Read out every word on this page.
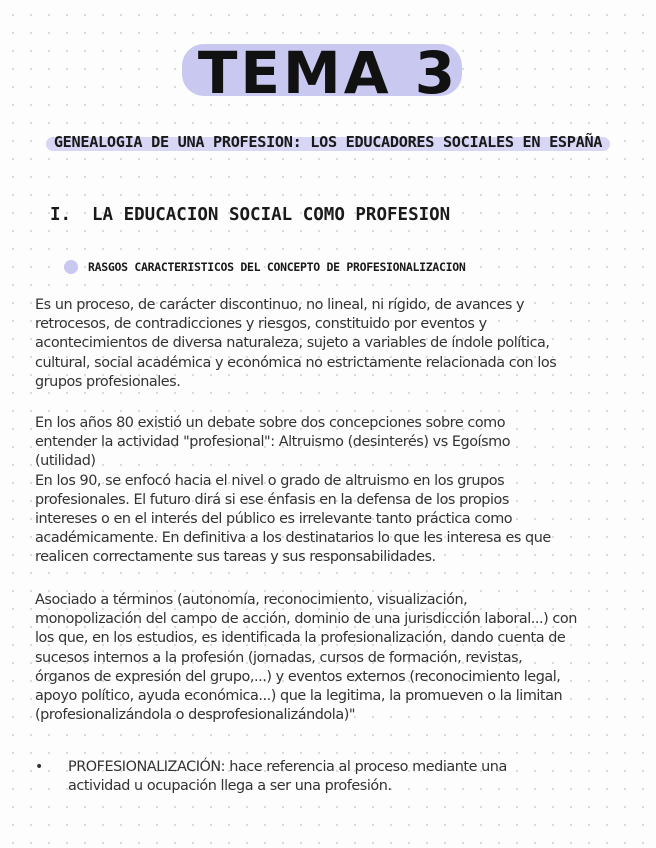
TEMA 3
GENEALOGIA DE UNA PROFESION: LOS EDUCADORES SOCIALES EN ESPAÑA
I. LA EDUCACION SOCIAL COMO PROFESION
RASGOS CARACTERISTICOS DEL CONCEPTO DE PROFESIONALIZACION
Es un proceso, de carácter discontinuo, no lineal, ni rígido, de avances y
retrocesos, de contradicciones y riesgos, constituido por eventos y
acontecimientos de diversa naturaleza, sujeto a variables de índole política,
cultural, social académica y económica no estrictamente relacionada con los
grupos profesionales.
En los años 80 existió un debate sobre dos concepciones sobre como
entender la actividad "profesional": Altruismo (desinterés) vs Egoísmo
(utilidad)
En los 90, se enfocó hacia el nivel o grado de altruismo en los grupos
profesionales. El futuro dirá si ese énfasis en la defensa de los propios
intereses o en el interés del público es irrelevante tanto práctica como
académicamente. En definitiva a los destinatarios lo que les interesa es que
realicen correctamente sus tareas y sus responsabilidades.
Asociado a términos (autonomía, reconocimiento, visualización,
monopolización del campo de acción, dominio de una jurisdicción laboral...) con
los que, en los estudios, es identificada la profesionalización, dando cuenta de
sucesos internos a la profesión (jornadas, cursos de formación, revistas,
órganos de expresión del grupo,...) y eventos externos (reconocimiento legal,
apoyo político, ayuda económica...) que la legitima, la promueven o la limitan
(profesionalizándola o desprofesionalizándola)"
• PROFESIONALIZACIÓN: hace referencia al proceso mediante una
actividad u ocupación llega a ser una profesión.
